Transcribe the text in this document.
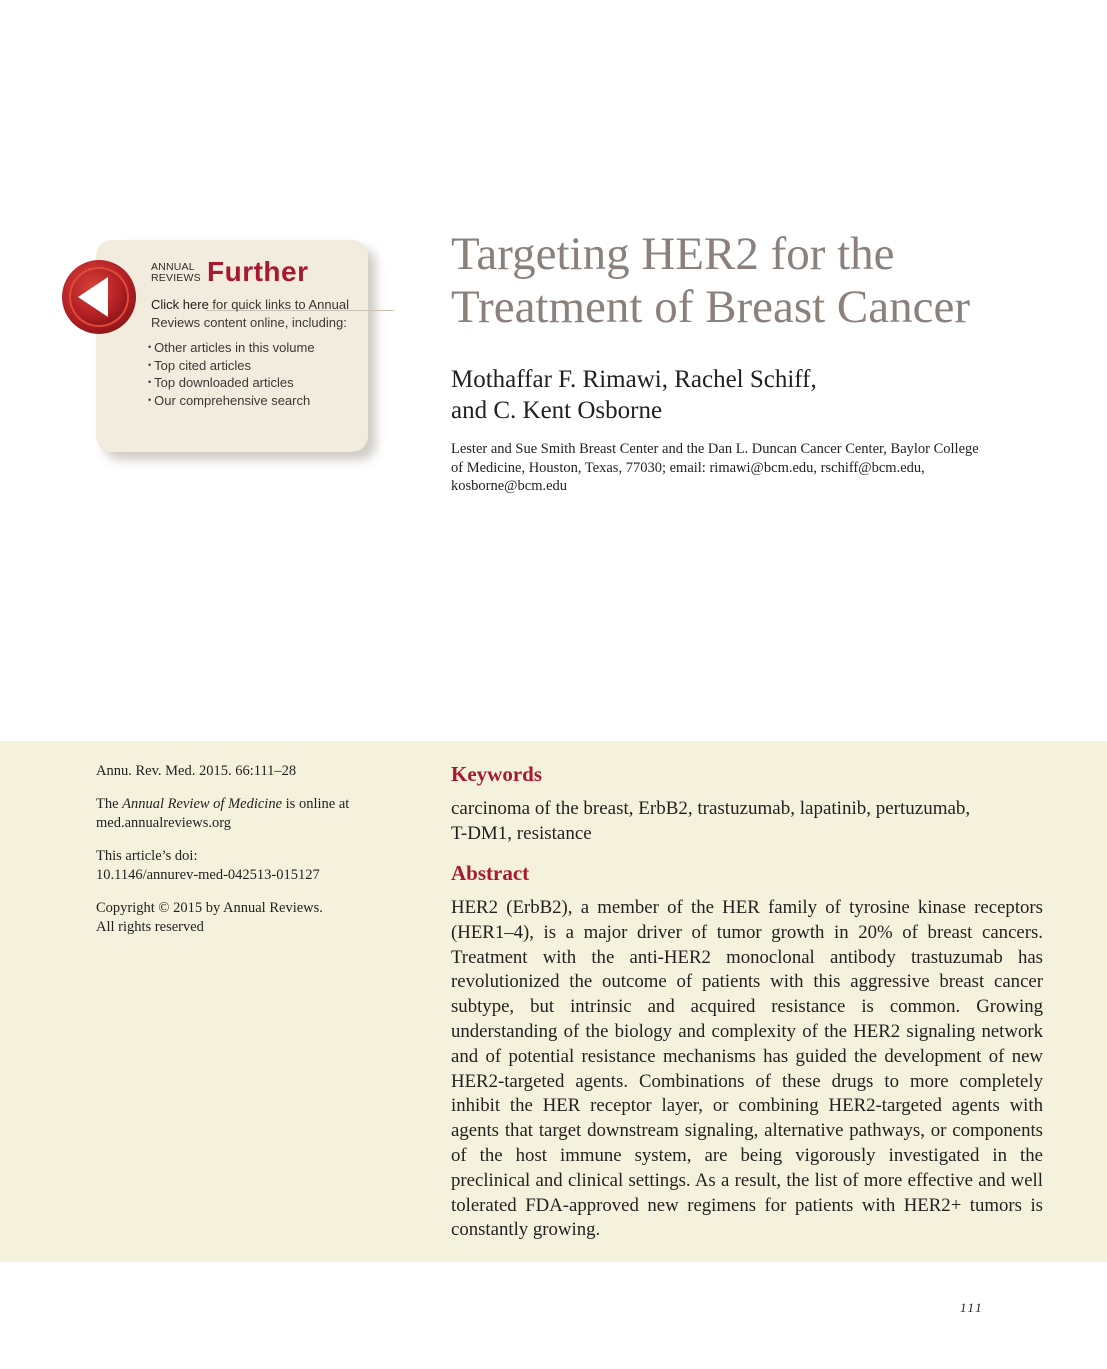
ANNUAL
REVIEWS Further
Click here for quick links to Annual Reviews content online, including:
• Other articles in this volume
• Top cited articles
• Top downloaded articles
• Our comprehensive search
Targeting HER2 for the
Treatment of Breast Cancer
Mothaffar F. Rimawi, Rachel Schiff,
and C. Kent Osborne
Lester and Sue Smith Breast Center and the Dan L. Duncan Cancer Center, Baylor College
of Medicine, Houston, Texas, 77030; email: rimawi@bcm.edu, rschiff@bcm.edu,
kosborne@bcm.edu

Annu. Rev. Med. 2015. 66:111–28

The Annual Review of Medicine is online at
med.annualreviews.org

This article’s doi:
10.1146/annurev-med-042513-015127

Copyright © 2015 by Annual Reviews.
All rights reserved

Keywords
carcinoma of the breast, ErbB2, trastuzumab, lapatinib, pertuzumab,
T-DM1, resistance
Abstract

HER2 (ErbB2), a member of the HER family of tyrosine kinase receptors (HER1–4), is a major driver of tumor growth in 20% of breast cancers. Treatment with the anti-HER2 monoclonal antibody trastuzumab has revolutionized the outcome of patients with this aggressive breast cancer subtype, but intrinsic and acquired resistance is common. Growing understanding of the biology and complexity of the HER2 signaling network and of potential resistance mechanisms has guided the development of new HER2-targeted agents. Combinations of these drugs to more completely inhibit the HER receptor layer, or combining HER2-targeted agents with agents that target downstream signaling, alternative pathways, or components of the host immune system, are being vigorously investigated in the preclinical and clinical settings. As a result, the list of more effective and well tolerated FDA-approved new regimens for patients with HER2+ tumors is constantly growing.

111
